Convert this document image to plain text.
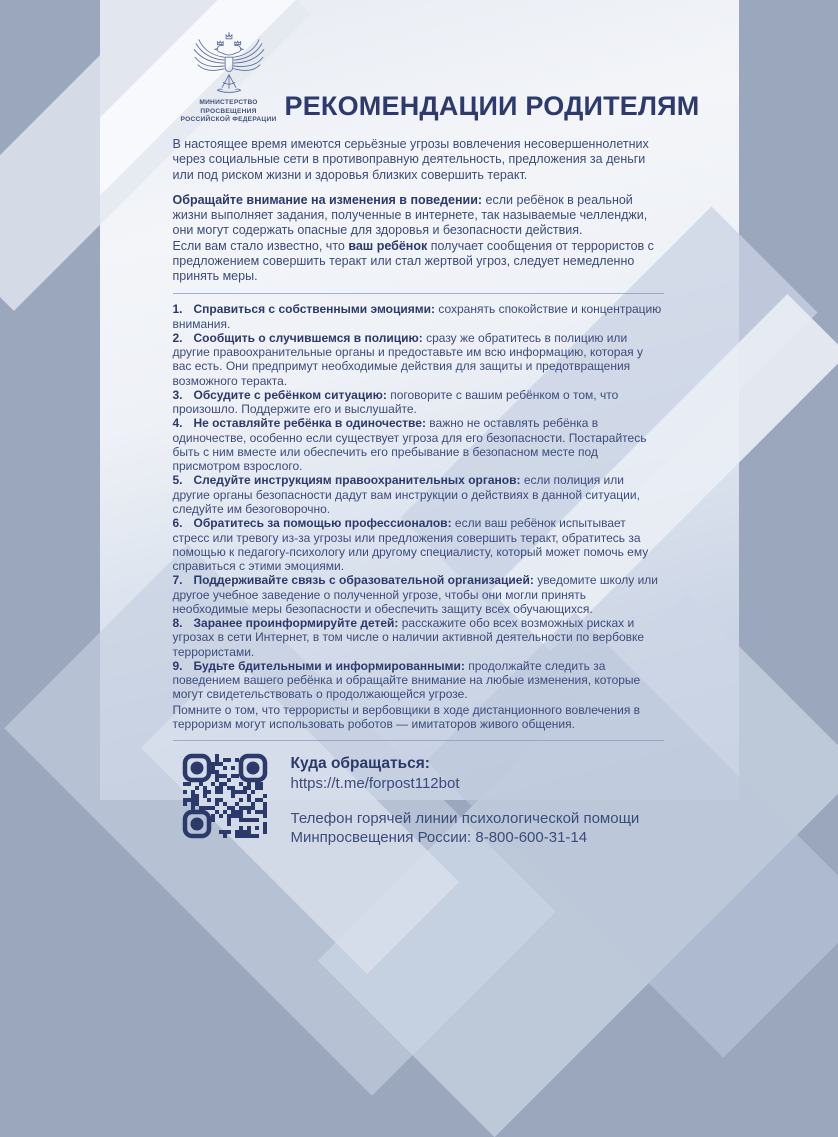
МИНИСТЕРСТВО ПРОСВЕЩЕНИЯ
РОССИЙСКОЙ ФЕДЕРАЦИИ РЕКОМЕНДАЦИИ РОДИТЕЛЯМ

В настоящее время имеются серьёзные угрозы вовлечения несовершеннолетних через социальные сети в противоправную деятельность, предложения за деньги или под риском жизни и здоровья близких совершить теракт.

Обращайте внимание на изменения в поведении: если ребёнок в реальной жизни выполняет задания, полученные в интернете, так называемые челленджи, они могут содержать опасные для здоровья и безопасности действия.
Если вам стало известно, что ваш ребёнок получает сообщения от террористов с предложением совершить теракт или стал жертвой угроз, следует немедленно принять меры.

1. Справиться с собственными эмоциями: сохранять спокойствие и концентрацию внимания.

2. Сообщить о случившемся в полицию: сразу же обратитесь в полицию или другие правоохранительные органы и предоставьте им всю информацию, которая у вас есть. Они предпримут необходимые действия для защиты и предотвращения возможного теракта.

3. Обсудите с ребёнком ситуацию: поговорите с вашим ребёнком о том, что произошло. Поддержите его и выслушайте.

4. Не оставляйте ребёнка в одиночестве: важно не оставлять ребёнка в одиночестве, особенно если существует угроза для его безопасности. Постарайтесь быть с ним вместе или обеспечить его пребывание в безопасном месте под присмотром взрослого.

5. Следуйте инструкциям правоохранительных органов: если полиция или другие органы безопасности дадут вам инструкции о действиях в данной ситуации, следуйте им безоговорочно.

6. Обратитесь за помощью профессионалов: если ваш ребёнок испытывает стресс или тревогу из-за угрозы или предложения совершить теракт, обратитесь за помощью к педагогу-психологу или другому специалисту, который может помочь ему справиться с этими эмоциями.

7. Поддерживайте связь с образовательной организацией: уведомите школу или другое учебное заведение о полученной угрозе, чтобы они могли принять необходимые меры безопасности и обеспечить защиту всех обучающихся.

8. Заранее проинформируйте детей: расскажите обо всех возможных рисках и угрозах в сети Интернет, в том числе о наличии активной деятельности по вербовке террористами.

9. Будьте бдительными и информированными: продолжайте следить за поведением вашего ребёнка и обращайте внимание на любые изменения, которые могут свидетельствовать о продолжающейся угрозе.

Помните о том, что террористы и вербовщики в ходе дистанционного вовлечения в терроризм могут использовать роботов — имитаторов живого общения.

Куда обращаться:
https://t.me/forpost112bot
Телефон горячей линии психологической помощи
Минпросвещения России: 8-800-600-31-14
